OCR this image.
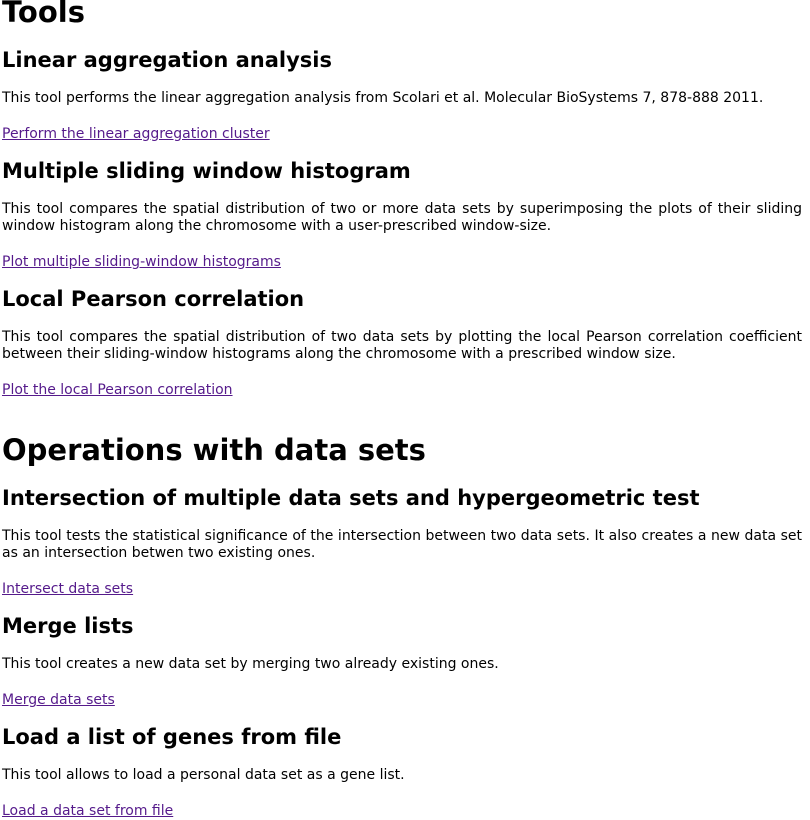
Tools
Linear aggregation analysis

This tool performs the linear aggregation analysis from Scolari et al. Molecular BioSystems 7, 878-888 2011.

Perform the linear aggregation cluster
Multiple sliding window histogram

This tool compares the spatial distribution of two or more data sets by superimposing the plots of their sliding window histogram along the chromosome with a user-prescribed window-size.

Plot multiple sliding-window histograms
Local Pearson correlation

This tool compares the spatial distribution of two data sets by plotting the local Pearson correlation coefficient between their sliding-window histograms along the chromosome with a prescribed window size.

Plot the local Pearson correlation
Operations with data sets
Intersection of multiple data sets and hypergeometric test

This tool tests the statistical significance of the intersection between two data sets. It also creates a new data set as an intersection betwen two existing ones.

Intersect data sets
Merge lists

This tool creates a new data set by merging two already existing ones.

Merge data sets
Load a list of genes from file

This tool allows to load a personal data set as a gene list.

Load a data set from file
